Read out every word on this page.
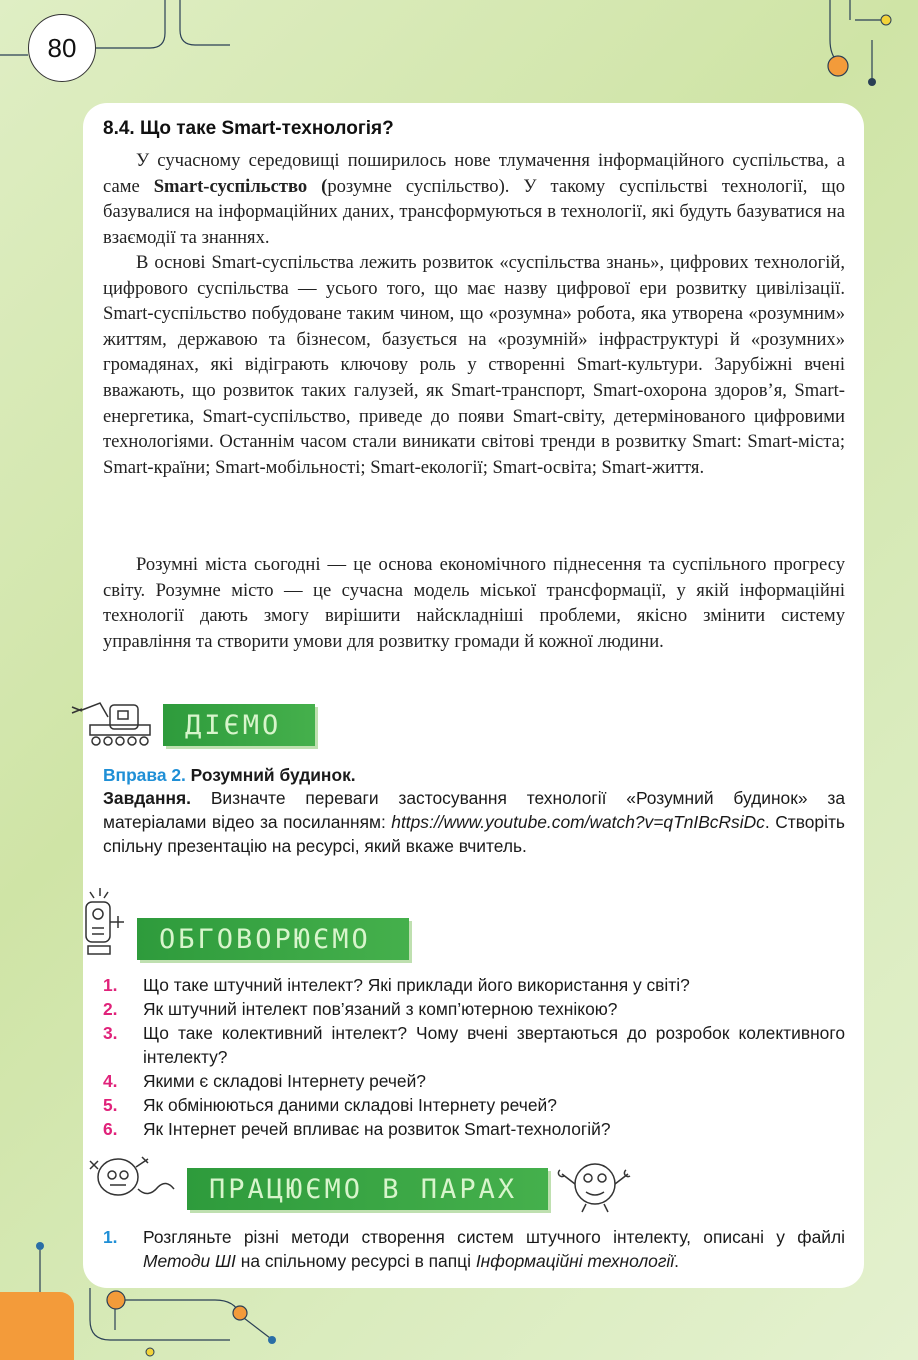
80
8.4. Що таке Smart-технологія?

У сучасному середовищі поширилось нове тлумачення інформаційного суспільства, а саме Smart-суспільство (розумне суспільство). У такому суспільстві технології, що базувалися на інформаційних даних, трансформуються в технології, які будуть базуватися на взаємодії та знаннях.

В основі Smart-суспільства лежить розвиток «суспільства знань», цифрових технологій, цифрового суспільства — усього того, що має назву цифрової ери розвитку цивілізації. Smart-суспільство побудоване таким чином, що «розумна» робота, яка утворена «розумним» життям, державою та бізнесом, базується на «розумній» інфраструктурі й «розумних» громадянах, які відіграють ключову роль у створенні Smart-культури. Зарубіжні вчені вважають, що розвиток таких галузей, як Smart-транспорт, Smart-охорона здоров’я, Smart-енергетика, Smart-суспільство, приведе до появи Smart-світу, детермінованого цифровими технологіями. Останнім часом стали виникати світові тренди в розвитку Smart: Smart-міста; Smart-країни; Smart-мобільності; Smart-екології; Smart-освіта; Smart-життя.

Розумні міста сьогодні — це основа економічного піднесення та суспільного прогресу світу. Розумне місто — це сучасна модель міської трансформації, у якій інформаційні технології дають змогу вирішити найскладніші проблеми, якісно змінити систему управління та створити умови для розвитку громади й кожної людини.

ДІЄМО

Вправа 2. Розумний будинок.

Завдання. Визначте переваги застосування технології «Розумний будинок» за матеріалами відео за посиланням: https://www.youtube.com/watch?v=qTnIBcRsiDc. Створіть спільну презентацію на ресурсі, який вкаже вчитель.

ОБГОВОРЮЄМО
1.	Що таке штучний інтелект? Які приклади його використання у світі?
2.	Як штучний інтелект пов’язаний з комп’ютерною технікою?
3.	Що таке колективний інтелект? Чому вчені звертаються до розробок колективного інтелекту?
4.	Якими є складові Інтернету речей?
5.	Як обмінюються даними складові Інтернету речей?
6.	Як Інтернет речей впливає на розвиток Smart-технологій?
ПРАЦЮЄМО В ПАРАХ
1.	Розгляньте різні методи створення систем штучного інтелекту, описані у файлі Методи ШІ на спільному ресурсі в папці Інформаційні технології.
